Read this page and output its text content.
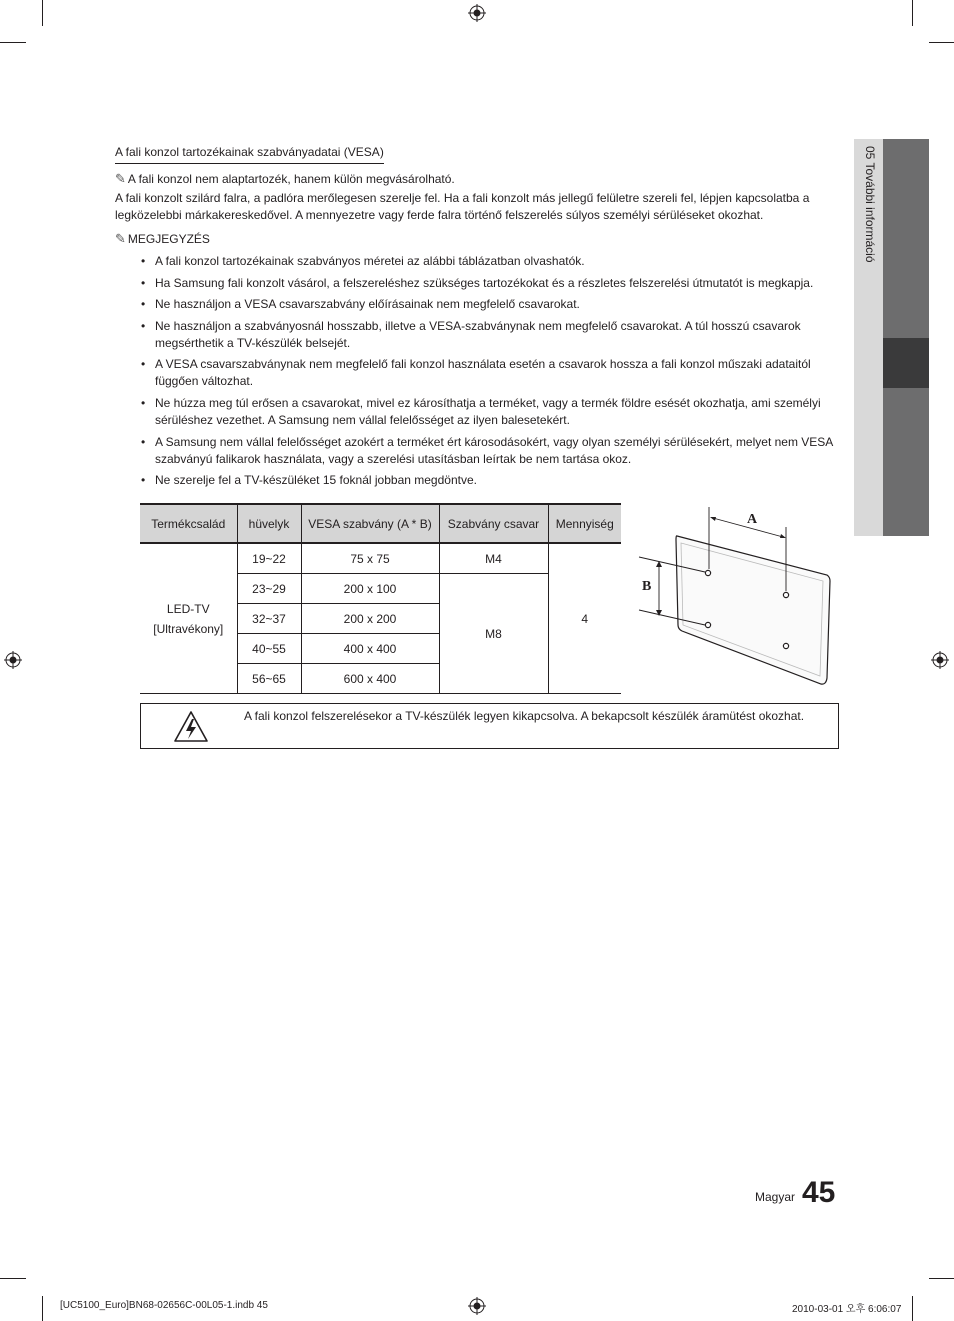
05 További információ
A fali konzol tartozékainak szabványadatai (VESA)
✎ A fali konzol nem alaptartozék, hanem külön megvásárolható.
A fali konzolt szilárd falra, a padlóra merőlegesen szerelje fel. Ha a fali konzolt más jellegű felületre szereli fel, lépjen kapcsolatba a legközelebbi márkakereskedővel. A mennyezetre vagy ferde falra történő felszerelés súlyos személyi sérüléseket okozhat.
✎ MEGJEGYZÉS
• A fali konzol tartozékainak szabványos méretei az alábbi táblázatban olvashatók.
• Ha Samsung fali konzolt vásárol, a felszereléshez szükséges tartozékokat és a részletes felszerelési útmutatót is megkapja.
• Ne használjon a VESA csavarszabvány előírásainak nem megfelelő csavarokat.
• Ne használjon a szabványosnál hosszabb, illetve a VESA-szabványnak nem megfelelő csavarokat. A túl hosszú csavarok megsérthetik a TV-készülék belsejét.
• A VESA csavarszabványnak nem megfelelő fali konzol használata esetén a csavarok hossza a fali konzol műszaki adataitól függően változhat.
• Ne húzza meg túl erősen a csavarokat, mivel ez károsíthatja a terméket, vagy a termék földre esését okozhatja, ami személyi sérüléshez vezethet. A Samsung nem vállal felelősséget az ilyen balesetekért.
• A Samsung nem vállal felelősséget azokért a terméket ért károsodásokért, vagy olyan személyi sérülésekért, melyet nem VESA szabványú falikarok használata, vagy a szerelési utasításban leírtak be nem tartása okoz.
• Ne szerelje fel a TV-készüléket 15 foknál jobban megdöntve.
Termékcsalád	hüvelyk	VESA szabvány (A * B)	Szabvány csavar	Mennyiség
LED-TV
[Ultravékony]	19~22	75 x 75	M4	4
	23~29	200 x 100	M8	
	32~37	200 x 200		
	40~55	400 x 400		
	56~65	600 x 400		
A
B
A fali konzol felszerelésekor a TV-készülék legyen kikapcsolva. A bekapcsolt készülék áramütést okozhat.
Magyar 45
[UC5100_Euro]BN68-02656C-00L05-1.indb 45	2010-03-01 오후 6:06:07
